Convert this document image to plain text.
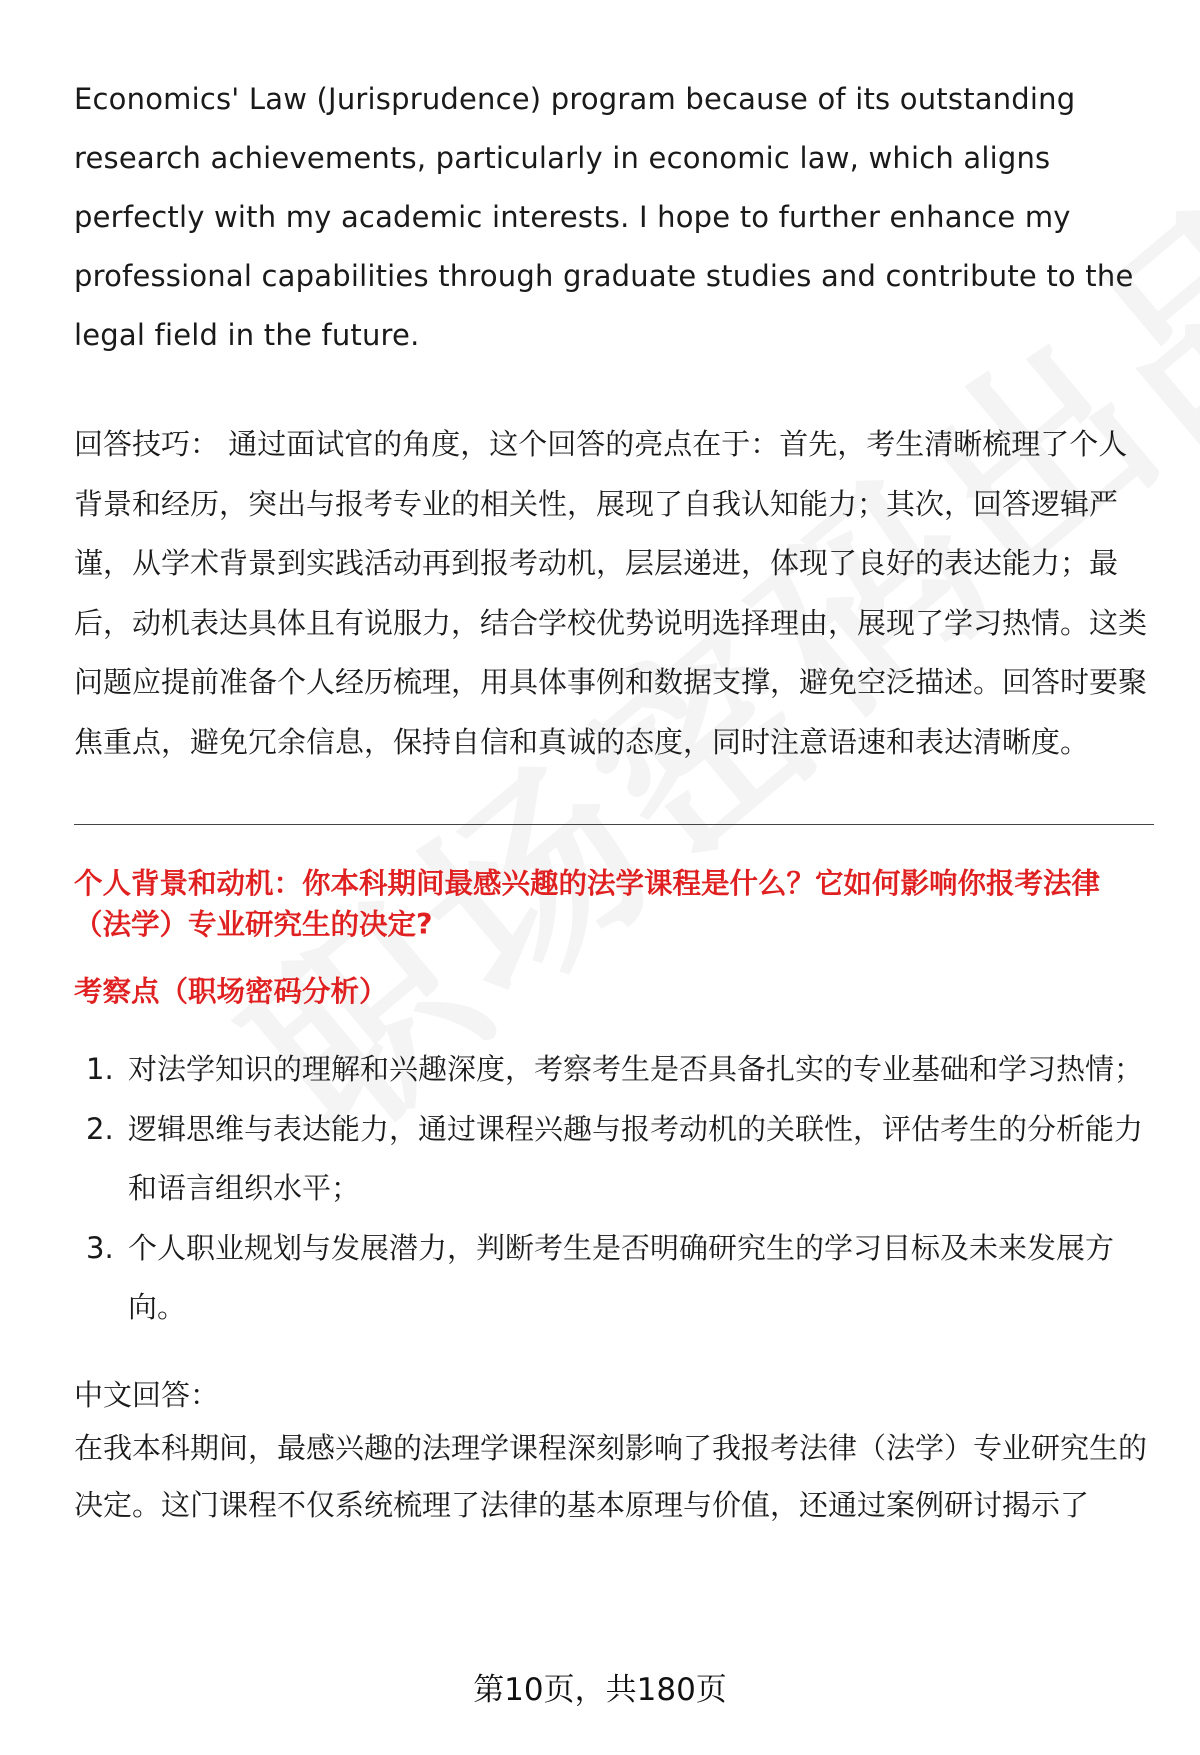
Economics' Law (Jurisprudence) program because of its outstanding research achievements, particularly in economic law, which aligns perfectly with my academic interests. I hope to further enhance my professional capabilities through graduate studies and contribute to the legal field in the future.

回答技巧： 通过面试官的角度，这个回答的亮点在于：首先，考生清晰梳理了个人背景和经历，突出与报考专业的相关性，展现了自我认知能力；其次，回答逻辑严谨，从学术背景到实践活动再到报考动机，层层递进，体现了良好的表达能力；最后，动机表达具体且有说服力，结合学校优势说明选择理由，展现了学习热情。这类问题应提前准备个人经历梳理，用具体事例和数据支撑，避免空泛描述。回答时要聚焦重点，避免冗余信息，保持自信和真诚的态度，同时注意语速和表达清晰度。

个人背景和动机：你本科期间最感兴趣的法学课程是什么？它如何影响你报考法律（法学）专业研究生的决定?

考察点（职场密码分析）

1. 对法学知识的理解和兴趣深度，考察考生是否具备扎实的专业基础和学习热情；
2. 逻辑思维与表达能力，通过课程兴趣与报考动机的关联性，评估考生的分析能力和语言组织水平；
3. 个人职业规划与发展潜力，判断考生是否明确研究生的学习目标及未来发展方向。

中文回答：

在我本科期间，最感兴趣的法理学课程深刻影响了我报考法律（法学）专业研究生的决定。这门课程不仅系统梳理了法律的基本原理与价值，还通过案例研讨揭示了

第10页，共180页
